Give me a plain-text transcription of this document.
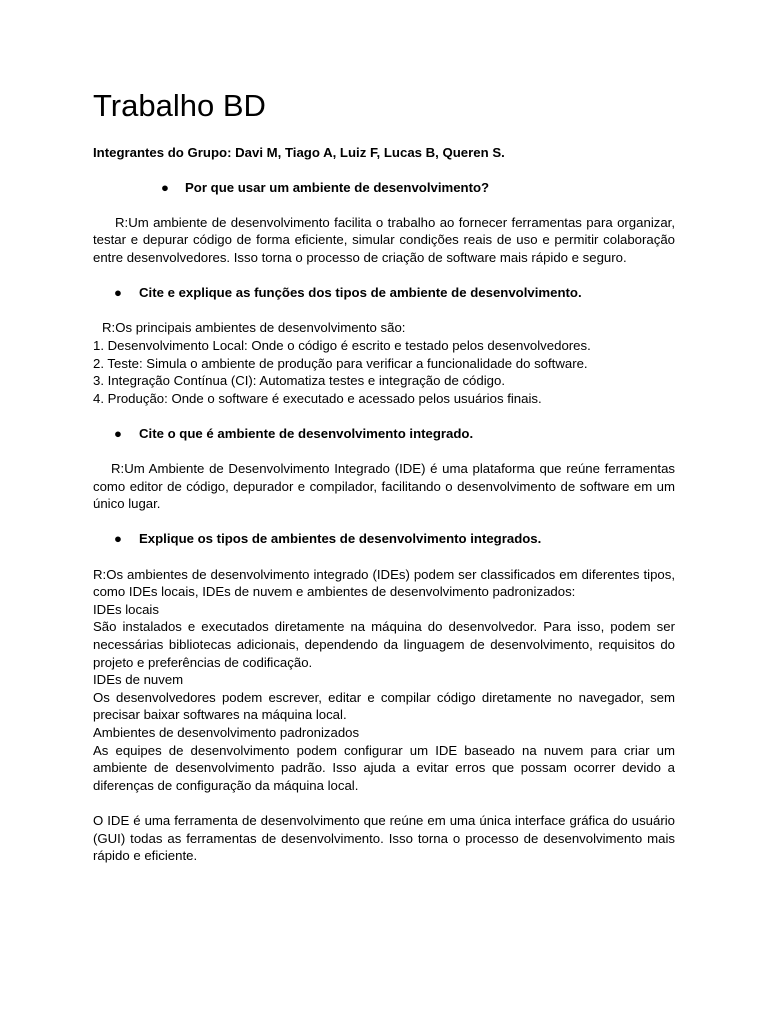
Trabalho BD

Integrantes do Grupo: Davi M, Tiago A, Luiz F, Lucas B, Queren S.

●	Por que usar um ambiente de desenvolvimento?

R:Um ambiente de desenvolvimento facilita o trabalho ao fornecer ferramentas para organizar, testar e depurar código de forma eficiente, simular condições reais de uso e permitir colaboração entre desenvolvedores. Isso torna o processo de criação de software mais rápido e seguro.

●	Cite e explique as funções dos tipos de ambiente de desenvolvimento.

R:Os principais ambientes de desenvolvimento são:

1. Desenvolvimento Local: Onde o código é escrito e testado pelos desenvolvedores.
2. Teste: Simula o ambiente de produção para verificar a funcionalidade do software.
3. Integração Contínua (CI): Automatiza testes e integração de código.
4. Produção: Onde o software é executado e acessado pelos usuários finais.
●	Cite o que é ambiente de desenvolvimento integrado.

R:Um Ambiente de Desenvolvimento Integrado (IDE) é uma plataforma que reúne ferramentas como editor de código, depurador e compilador, facilitando o desenvolvimento de software em um único lugar.

●	Explique os tipos de ambientes de desenvolvimento integrados.

R:Os ambientes de desenvolvimento integrado (IDEs) podem ser classificados em diferentes tipos, como IDEs locais, IDEs de nuvem e ambientes de desenvolvimento padronizados:

IDEs locais

São instalados e executados diretamente na máquina do desenvolvedor. Para isso, podem ser necessárias bibliotecas adicionais, dependendo da linguagem de desenvolvimento, requisitos do projeto e preferências de codificação.

IDEs de nuvem

Os desenvolvedores podem escrever, editar e compilar código diretamente no navegador, sem precisar baixar softwares na máquina local.

Ambientes de desenvolvimento padronizados

As equipes de desenvolvimento podem configurar um IDE baseado na nuvem para criar um ambiente de desenvolvimento padrão. Isso ajuda a evitar erros que possam ocorrer devido a diferenças de configuração da máquina local.

O IDE é uma ferramenta de desenvolvimento que reúne em uma única interface gráfica do usuário (GUI) todas as ferramentas de desenvolvimento. Isso torna o processo de desenvolvimento mais rápido e eficiente.
